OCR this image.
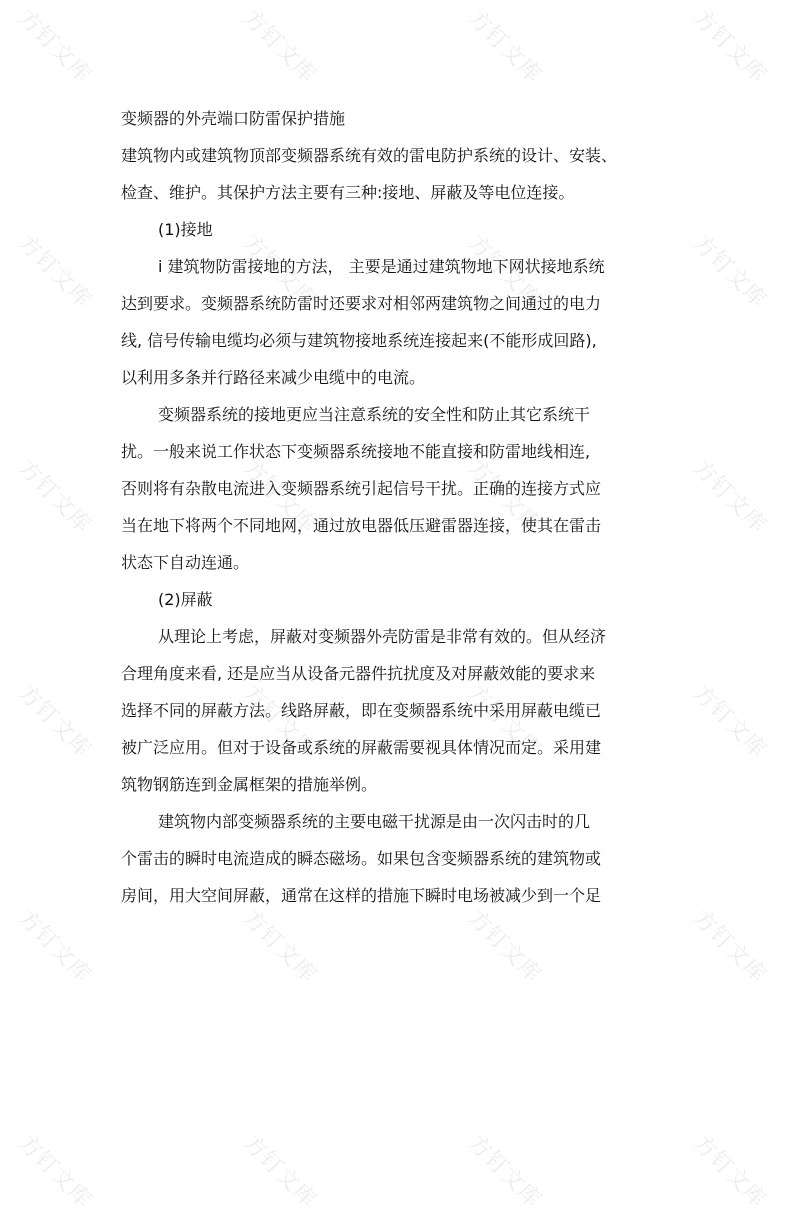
方钉文库	方钉文库	方钉文库	方钉文库
方钉文库	方钉文库	方钉文库	方钉文库
方钉文库	方钉文库	方钉文库	方钉文库
方钉文库	方钉文库	方钉文库	方钉文库
方钉文库	方钉文库	方钉文库	方钉文库
方钉文库	方钉文库	方钉文库	方钉文库
变频器的外壳端口防雷保护措施
建筑物内或建筑物顶部变频器系统有效的雷电防护系统的设计、安装、
检查、维护。其保护方法主要有三种:接地、屏蔽及等电位连接。
(1)接地
i 建筑物防雷接地的方法， 主要是通过建筑物地下网状接地系统
达到要求。变频器系统防雷时还要求对相邻两建筑物之间通过的电力
线, 信号传输电缆均必须与建筑物接地系统连接起来(不能形成回路),
以利用多条并行路径来减少电缆中的电流。
变频器系统的接地更应当注意系统的安全性和防止其它系统干
扰。一般来说工作状态下变频器系统接地不能直接和防雷地线相连,
否则将有杂散电流进入变频器系统引起信号干扰。正确的连接方式应
当在地下将两个不同地网，通过放电器低压避雷器连接，使其在雷击
状态下自动连通。
(2)屏蔽
从理论上考虑，屏蔽对变频器外壳防雷是非常有效的。但从经济
合理角度来看, 还是应当从设备元器件抗扰度及对屏蔽效能的要求来
选择不同的屏蔽方法。线路屏蔽，即在变频器系统中采用屏蔽电缆已
被广泛应用。但对于设备或系统的屏蔽需要视具体情况而定。采用建
筑物钢筋连到金属框架的措施举例。
建筑物内部变频器系统的主要电磁干扰源是由一次闪击时的几
个雷击的瞬时电流造成的瞬态磁场。如果包含变频器系统的建筑物或
房间，用大空间屏蔽，通常在这样的措施下瞬时电场被减少到一个足
